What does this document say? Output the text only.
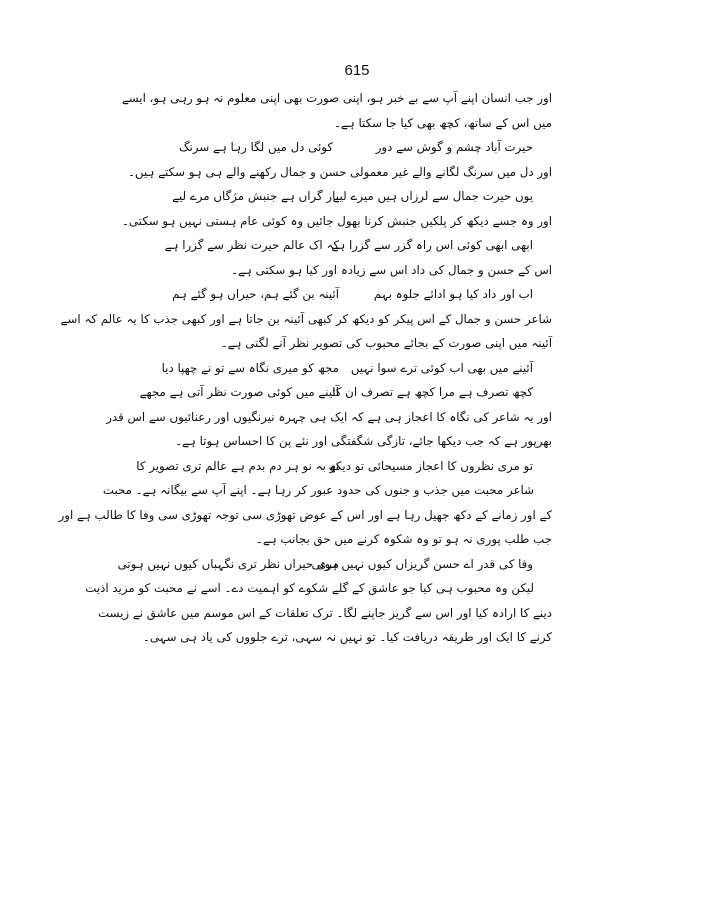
615
اور جب انسان اپنے آپ سے بے خبر ہو، اپنی صورت بھی اپنی معلوم نہ ہو رہی ہو، ایسے
میں اس کے ساتھ، کچھ بھی کیا جا سکتا ہے۔
حیرت آباد چشم و گوش سے دور
کوئی دل میں لگا رہا ہے سرنگ
اور دل میں سرنگ لگانے والے غیر معمولی حسن و جمال رکھنے والے ہی ہو سکتے ہیں۔
یوں حیرت جمال سے لرزاں ہیں میرے لیے
بار گراں ہے جنبش مژگاں مرے لیے
اور وہ جسے دیکھ کر پلکیں جنبش کرنا بھول جائیں وہ کوئی عام ہستی نہیں ہو سکتی۔
ابھی ابھی کوئی اس راہ گزر سے گزرا ہے
کہ اک عالم حیرت نظر سے گزرا ہے
اس کے حسن و جمال کی داد اس سے زیادہ اور کیا ہو سکتی ہے۔
اب اور داد کیا ہو ادائے جلوہ بہم
آئینہ بن گئے ہم، حیراں ہو گئے ہم
شاعر حسن و جمال کے اس پیکر کو دیکھ کر کبھی آئینہ بن جاتا ہے اور کبھی جذب کا یہ عالم کہ اسے
آئینہ میں اپنی صورت کے بجائے محبوب کی تصویر نظر آنے لگتی ہے۔
آئینے میں بھی اب کوئی ترے سوا نہیں
مجھ کو میری نگاہ سے تو نے چھپا دیا
کچھ تصرف ہے مرا کچھ ہے تصرف ان کا
آئینے میں کوئی صورت نظر آتی ہے مجھے
اور یہ شاعر کی نگاہ کا اعجاز ہی ہے کہ ایک ہی چہرہ نیرنگیوں اور رعنائیوں سے اس قدر
بھرپور ہے کہ جب دیکھا جائے، تازگی شگفتگی اور نئے پن کا احساس ہوتا ہے۔
تو مری نظروں کا اعجاز مسیحائی تو دیکھ
نو بہ نو ہر دم بدم ہے عالم تری تصویر کا
شاعر محبت میں جذب و جنوں کی حدود عبور کر رہا ہے۔ اپنے آپ سے بیگانہ ہے۔ محبت
کے اور زمانے کے دکھ جھیل رہا ہے اور اس کے عوض تھوڑی سی توجہ تھوڑی سی وفا کا طالب ہے اور
جب طلب پوری نہ ہو تو وہ شکوہ کرنے میں حق بجانب ہے۔
وفا کی قدر اے حسن گریزاں کیوں نہیں ہوتی
مری حیراں نظر تری نگہباں کیوں نہیں ہوتی
لیکن وہ محبوب ہی کیا جو عاشق کے گلے شکوے کو اہمیت دے۔ اسے نے محبت کو مزید اذیت
دینے کا ارادہ کیا اور اس سے گریز جاپنے لگا۔ ترک تعلقات کے اس موسم میں عاشق نے زیست
کرنے کا ایک اور طریقہ دریافت کیا۔ تو نہیں نہ سہی، ترے جلووں کی یاد ہی سہی۔
